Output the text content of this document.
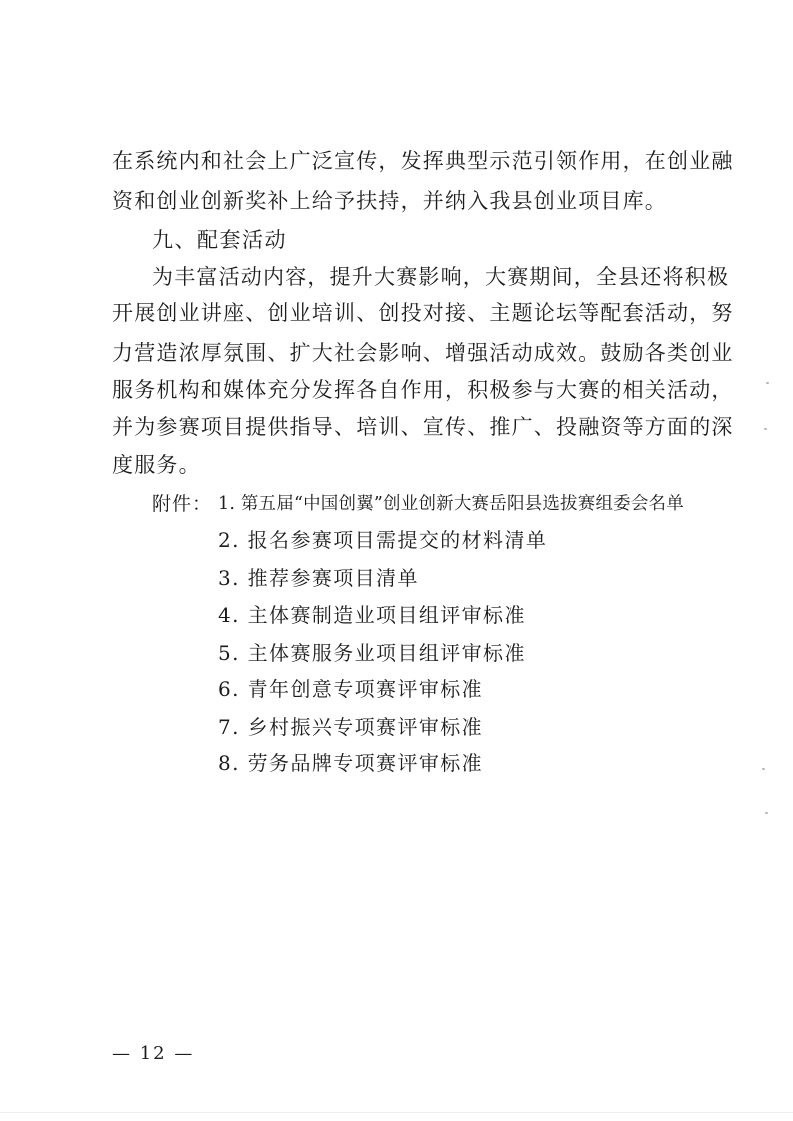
在系统内和社会上广泛宣传，发挥典型示范引领作用，在创业融
资和创业创新奖补上给予扶持，并纳入我县创业项目库。
九、配套活动
为丰富活动内容，提升大赛影响，大赛期间，全县还将积极
开展创业讲座、创业培训、创投对接、主题论坛等配套活动，努
力营造浓厚氛围、扩大社会影响、增强活动成效。鼓励各类创业
服务机构和媒体充分发挥各自作用，积极参与大赛的相关活动，
并为参赛项目提供指导、培训、宣传、推广、投融资等方面的深
度服务。
附件： 1. 第五届“中国创翼”创业创新大赛岳阳县选拔赛组委会名单
2. 报名参赛项目需提交的材料清单
3. 推荐参赛项目清单
4. 主体赛制造业项目组评审标准
5. 主体赛服务业项目组评审标准
6. 青年创意专项赛评审标准
7. 乡村振兴专项赛评审标准
8. 劳务品牌专项赛评审标准
— 12 —
